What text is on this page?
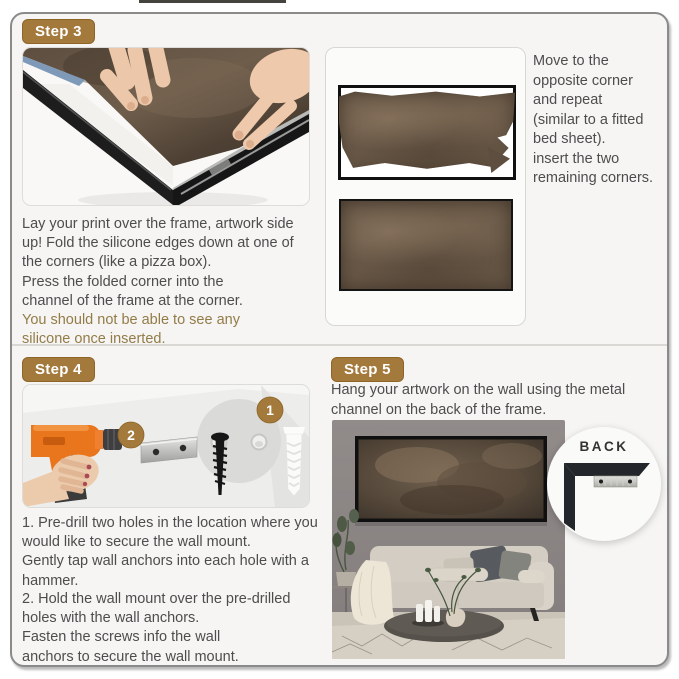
Step 3
Lay your print over the frame, artwork side
up! Fold the silicone edges down at one of
the corners (like a pizza box).
Press the folded corner into the
channel of the frame at the corner.
You should not be able to see any
silicone once inserted.
Move to the
opposite corner
and repeat
(similar to a fitted
bed sheet).
insert the two
remaining corners.
Step 4
2
1
1. Pre-drill two holes in the location where you
would like to secure the wall mount.
Gently tap wall anchors into each hole with a
hammer.
2. Hold the wall mount over the pre-drilled
holes with the wall anchors.
Fasten the screws info the wall
anchors to secure the wall mount.
Step 5
Hang your artwork on the wall using the metal
channel on the back of the frame.
BACK
